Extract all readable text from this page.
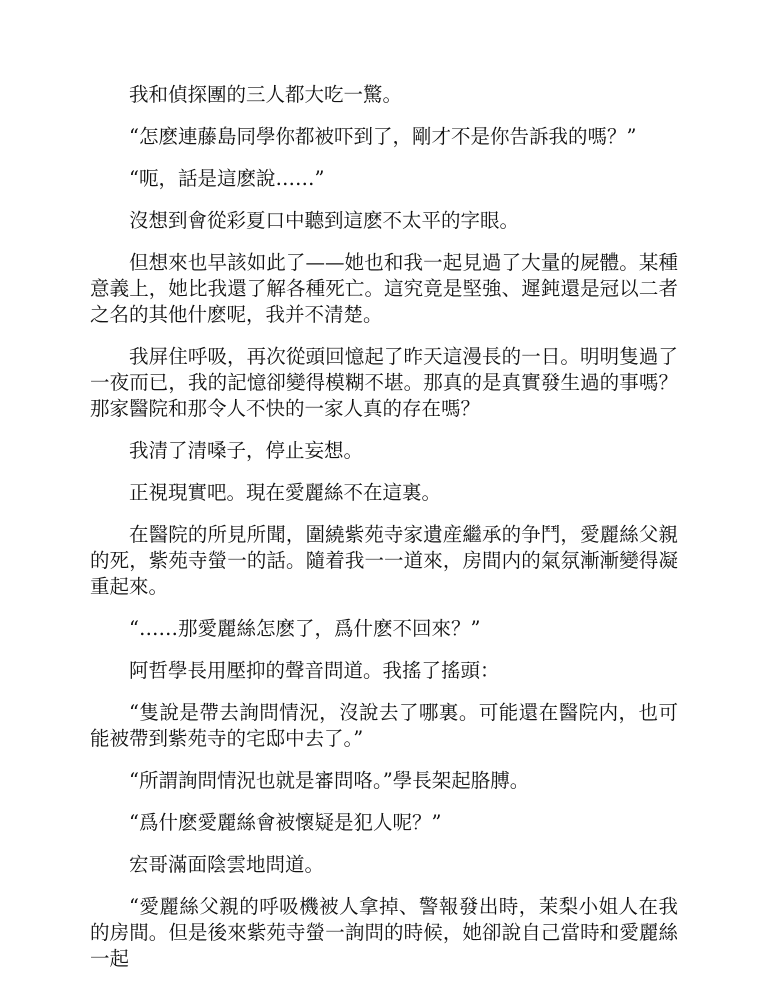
我和偵探團的三人都大吃一驚。

“怎麽連藤島同學你都被吓到了，剛才不是你告訴我的嗎？”

“呃，話是這麽說……”

沒想到會從彩夏口中聽到這麽不太平的字眼。

但想來也早該如此了——她也和我一起見過了大量的屍體。某種意義上，她比我還了解各種死亡。這究竟是堅強、遲鈍還是冠以二者之名的其他什麽呢，我并不清楚。

我屏住呼吸，再次從頭回憶起了昨天這漫長的一日。明明隻過了一夜而已，我的記憶卻變得模糊不堪。那真的是真實發生過的事嗎？那家醫院和那令人不快的一家人真的存在嗎？

我清了清嗓子，停止妄想。

正視現實吧。現在愛麗絲不在這裏。

在醫院的所見所聞，圍繞紫苑寺家遺産繼承的争鬥，愛麗絲父親的死，紫苑寺螢一的話。隨着我一一道來，房間内的氣氛漸漸變得凝重起來。

“……那愛麗絲怎麽了，爲什麽不回來？”

阿哲學長用壓抑的聲音問道。我搖了搖頭：

“隻說是帶去詢問情況，沒說去了哪裏。可能還在醫院内，也可能被帶到紫苑寺的宅邸中去了。”

“所謂詢問情況也就是審問咯。”學長架起胳膊。

“爲什麽愛麗絲會被懷疑是犯人呢？”

宏哥滿面陰雲地問道。

“愛麗絲父親的呼吸機被人拿掉、警報發出時，茉梨小姐人在我的房間。但是後來紫苑寺螢一詢問的時候，她卻說自己當時和愛麗絲一起
